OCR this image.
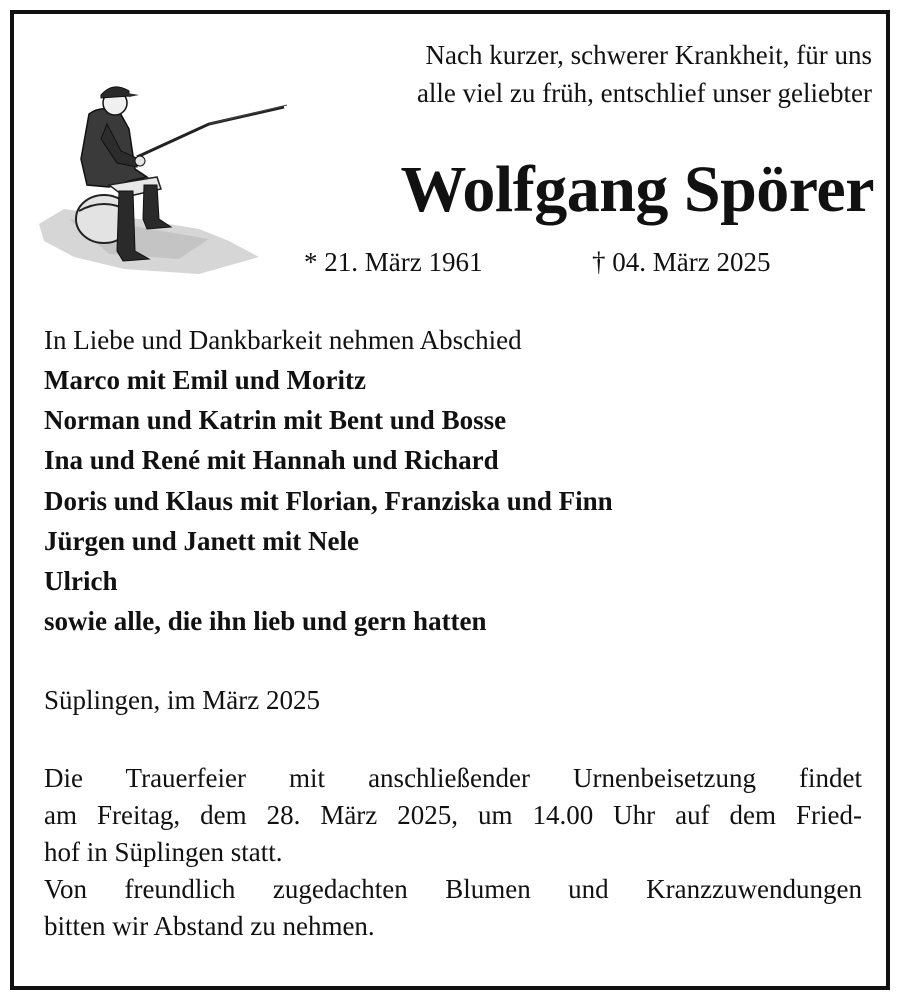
Nach kurzer, schwerer Krankheit, für uns
alle viel zu früh, entschlief unser geliebter
Wolfgang Spörer
* 21. März 1961	† 04. März 2025
In Liebe und Dankbarkeit nehmen Abschied
Marco mit Emil und Moritz
Norman und Katrin mit Bent und Bosse
Ina und René mit Hannah und Richard
Doris und Klaus mit Florian, Franziska und Finn
Jürgen und Janett mit Nele
Ulrich
sowie alle, die ihn lieb und gern hatten
Süplingen, im März 2025
Die Trauerfeier mit anschließender Urnenbeisetzung findet
am Freitag, dem 28. März 2025, um 14.00 Uhr auf dem Fried-
hof in Süplingen statt.
Von freundlich zugedachten Blumen und Kranzzuwendungen
bitten wir Abstand zu nehmen.
